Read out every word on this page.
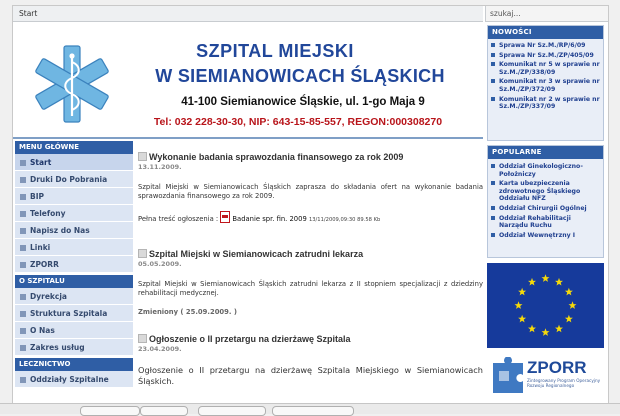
Start	szukaj...
SZPITAL MIEJSKI
W SIEMIANOWICACH ŚLĄSKICH
41-100 Siemianowice Śląskie, ul. 1-go Maja 9
Tel: 032 228-30-30, NIP: 643-15-85-557, REGON:000308270
MENU GŁÓWNE
Start
Druki Do Pobrania
BIP
Telefony
Napisz do Nas
Linki
ZPORR
O SZPITALU
Dyrekcja
Struktura Szpitala
O Nas
Zakres usług
LECZNICTWO
Oddziały Szpitalne
Wykonanie badania sprawozdania finansowego za rok 2009
13.11.2009.
Szpital Miejski w Siemianowicach Śląskich zaprasza do składania ofert na wykonanie badania sprawozdania finansowego za rok 2009.
Pełna treść ogłoszenia : Badanie spr. fin. 2009 13/11/2009,09:30 89.58 Kb
Szpital Miejski w Siemianowicach zatrudni lekarza
05.05.2009.
Szpital Miejski w Siemianowicach Śląskich zatrudni lekarza z II stopniem specjalizacji z dziedziny rehabilitacji medycznej.
Zmieniony ( 25.09.2009. )
Ogłoszenie o II przetargu na dzierżawę Szpitala
23.04.2009.
Ogłoszenie o II przetargu na dzierżawę Szpitala Miejskiego w Siemianowicach Śląskich.
NOWOŚCI
Sprawa Nr Sz.M./RP/6/09
Sprawa Nr Sz.M./ZP/405/09
Komunikat nr 5 w sprawie nr Sz.M./ZP/338/09
Komunikat nr 3 w sprawie nr Sz.M./ZP/372/09
Komunikat nr 2 w sprawie nr Sz.M./ZP/337/09
POPULARNE
Oddział Ginekologiczno-Położniczy
Karta ubezpieczenia zdrowotnego Śląskiego Oddziału NFZ
Oddział Chirurgii Ogólnej
Oddział Rehabilitacji Narządu Ruchu
Oddział Wewnętrzny I
ZPORR
Zintegrowany Program Operacyjny Rozwoju Regionalnego
